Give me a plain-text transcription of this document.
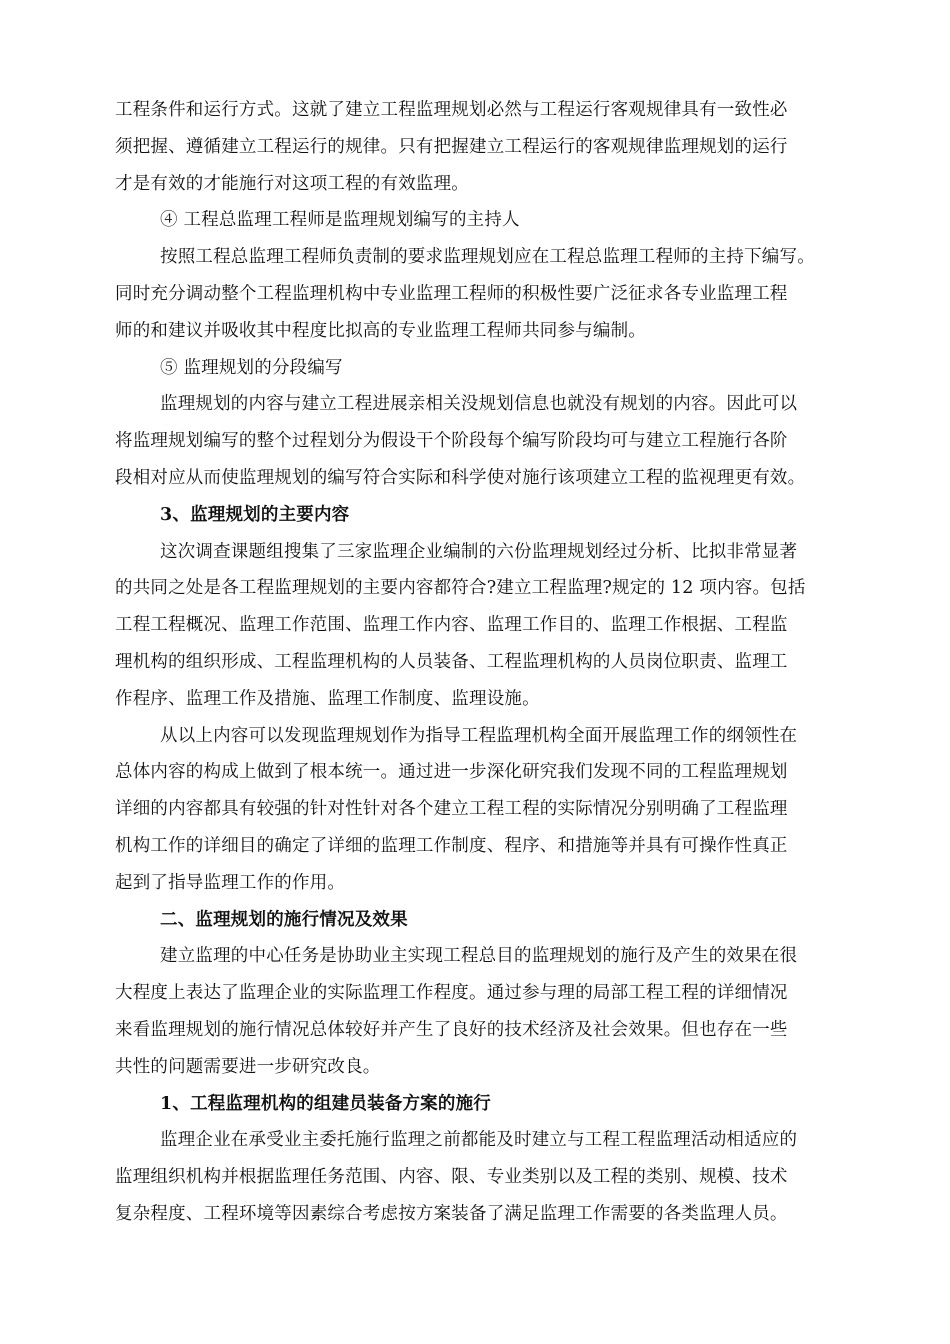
工程条件和运行方式。这就了建立工程监理规划必然与工程运行客观规律具有一致性必
须把握、遵循建立工程运行的规律。只有把握建立工程运行的客观规律监理规划的运行
才是有效的才能施行对这项工程的有效监理。
④ 工程总监理工程师是监理规划编写的主持人
按照工程总监理工程师负责制的要求监理规划应在工程总监理工程师的主持下编写。
同时充分调动整个工程监理机构中专业监理工程师的积极性要广泛征求各专业监理工程
师的和建议并吸收其中程度比拟高的专业监理工程师共同参与编制。
⑤ 监理规划的分段编写
监理规划的内容与建立工程进展亲相关没规划信息也就没有规划的内容。因此可以
将监理规划编写的整个过程划分为假设干个阶段每个编写阶段均可与建立工程施行各阶
段相对应从而使监理规划的编写符合实际和科学使对施行该项建立工程的监视理更有效。
3、监理规划的主要内容
这次调查课题组搜集了三家监理企业编制的六份监理规划经过分析、比拟非常显著
的共同之处是各工程监理规划的主要内容都符合?建立工程监理?规定的 12 项内容。包括
工程工程概况、监理工作范围、监理工作内容、监理工作目的、监理工作根据、工程监
理机构的组织形成、工程监理机构的人员装备、工程监理机构的人员岗位职责、监理工
作程序、监理工作及措施、监理工作制度、监理设施。
从以上内容可以发现监理规划作为指导工程监理机构全面开展监理工作的纲领性在
总体内容的构成上做到了根本统一。通过进一步深化研究我们发现不同的工程监理规划
详细的内容都具有较强的针对性针对各个建立工程工程的实际情况分别明确了工程监理
机构工作的详细目的确定了详细的监理工作制度、程序、和措施等并具有可操作性真正
起到了指导监理工作的作用。
二、监理规划的施行情况及效果
建立监理的中心任务是协助业主实现工程总目的监理规划的施行及产生的效果在很
大程度上表达了监理企业的实际监理工作程度。通过参与理的局部工程工程的详细情况
来看监理规划的施行情况总体较好并产生了良好的技术经济及社会效果。但也存在一些
共性的问题需要进一步研究改良。
1、工程监理机构的组建员装备方案的施行
监理企业在承受业主委托施行监理之前都能及时建立与工程工程监理活动相适应的
监理组织机构并根据监理任务范围、内容、限、专业类别以及工程的类别、规模、技术
复杂程度、工程环境等因素综合考虑按方案装备了满足监理工作需要的各类监理人员。
